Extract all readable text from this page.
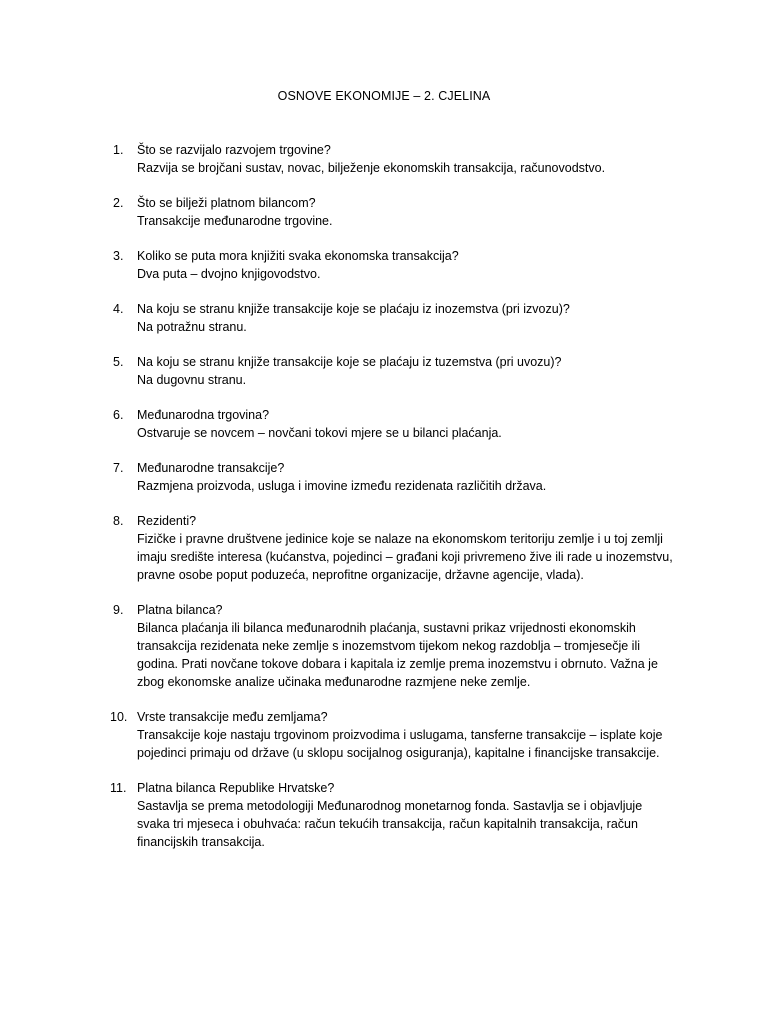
OSNOVE EKONOMIJE – 2. CJELINA
1. Što se razvijalo razvojem trgovine?
Razvija se brojčani sustav, novac, bilježenje ekonomskih transakcija, računovodstvo.
2. Što se bilježi platnom bilancom?
Transakcije međunarodne trgovine.
3. Koliko se puta mora knjižiti svaka ekonomska transakcija?
Dva puta – dvojno knjigovodstvo.
4. Na koju se stranu knjiže transakcije koje se plaćaju iz inozemstva (pri izvozu)?
Na potražnu stranu.
5. Na koju se stranu knjiže transakcije koje se plaćaju iz tuzemstva (pri uvozu)?
Na dugovnu stranu.
6. Međunarodna trgovina?
Ostvaruje se novcem – novčani tokovi mjere se u bilanci plaćanja.
7. Međunarodne transakcije?
Razmjena proizvoda, usluga i imovine između rezidenata različitih država.
8. Rezidenti?
Fizičke i pravne društvene jedinice koje se nalaze na ekonomskom teritoriju zemlje i u toj zemlji imaju središte interesa (kućanstva, pojedinci – građani koji privremeno žive ili rade u inozemstvu, pravne osobe poput poduzeća, neprofitne organizacije, državne agencije, vlada).
9. Platna bilanca?
Bilanca plaćanja ili bilanca međunarodnih plaćanja, sustavni prikaz vrijednosti ekonomskih transakcija rezidenata neke zemlje s inozemstvom tijekom nekog razdoblja – tromjesečje ili godina. Prati novčane tokove dobara i kapitala iz zemlje prema inozemstvu i obrnuto. Važna je zbog ekonomske analize učinaka međunarodne razmjene neke zemlje.
10. Vrste transakcije među zemljama?
Transakcije koje nastaju trgovinom proizvodima i uslugama, tansferne transakcije – isplate koje pojedinci primaju od države (u sklopu socijalnog osiguranja), kapitalne i financijske transakcije.
11. Platna bilanca Republike Hrvatske?
Sastavlja se prema metodologiji Međunarodnog monetarnog fonda. Sastavlja se i objavljuje svaka tri mjeseca i obuhvaća: račun tekućih transakcija, račun kapitalnih transakcija, račun financijskih transakcija.
